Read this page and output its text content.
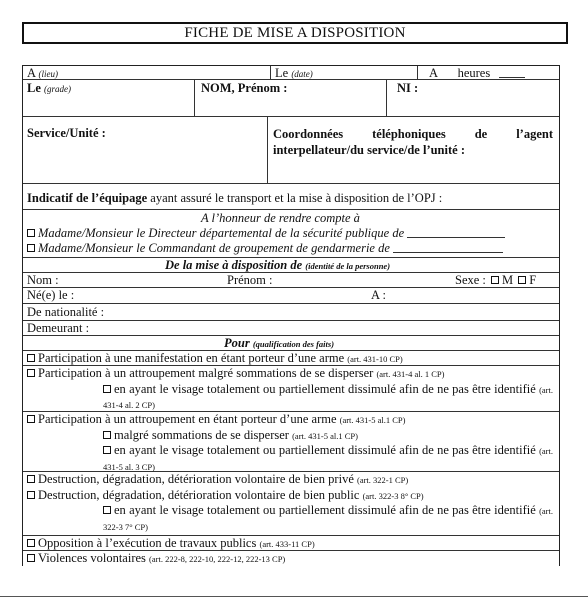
FICHE DE MISE A DISPOSITION
A (lieu)	Le (date)	A heures
Le (grade)	NOM, Prénom :	NI :
Service/Unité :	Coordonnées téléphoniques de l’agent interpellateur/du service/de l’unité :
Indicatif de l’équipage ayant assuré le transport et la mise à disposition de l’OPJ :
A l’honneur de rendre compte à
Madame/Monsieur le Directeur départemental de la sécurité publique de
Madame/Monsieur le Commandant de groupement de gendarmerie de
De la mise à disposition de (identité de la personne)
Nom :	Prénom :	Sexe : M F
Né(e) le :	A :
De nationalité :
Demeurant :
Pour (qualification des faits)
Participation à une manifestation en étant porteur d’une arme (art. 431-10 CP)
Participation à un attroupement malgré sommations de se disperser (art. 431-4 al. 1 CP)
en ayant le visage totalement ou partiellement dissimulé afin de ne pas être identifié (art. 431-4 al. 2 CP)
Participation à un attroupement en étant porteur d’une arme (art. 431-5 al.1 CP)
malgré sommations de se disperser (art. 431-5 al.1 CP)
en ayant le visage totalement ou partiellement dissimulé afin de ne pas être identifié (art. 431-5 al. 3 CP)
Destruction, dégradation, détérioration volontaire de bien privé (art. 322-1 CP)
Destruction, dégradation, détérioration volontaire de bien public (art. 322-3 8° CP)
en ayant le visage totalement ou partiellement dissimulé afin de ne pas être identifié (art. 322-3 7° CP)
Opposition à l’exécution de travaux publics (art. 433-11 CP)
Violences volontaires (art. 222-8, 222-10, 222-12, 222-13 CP)
